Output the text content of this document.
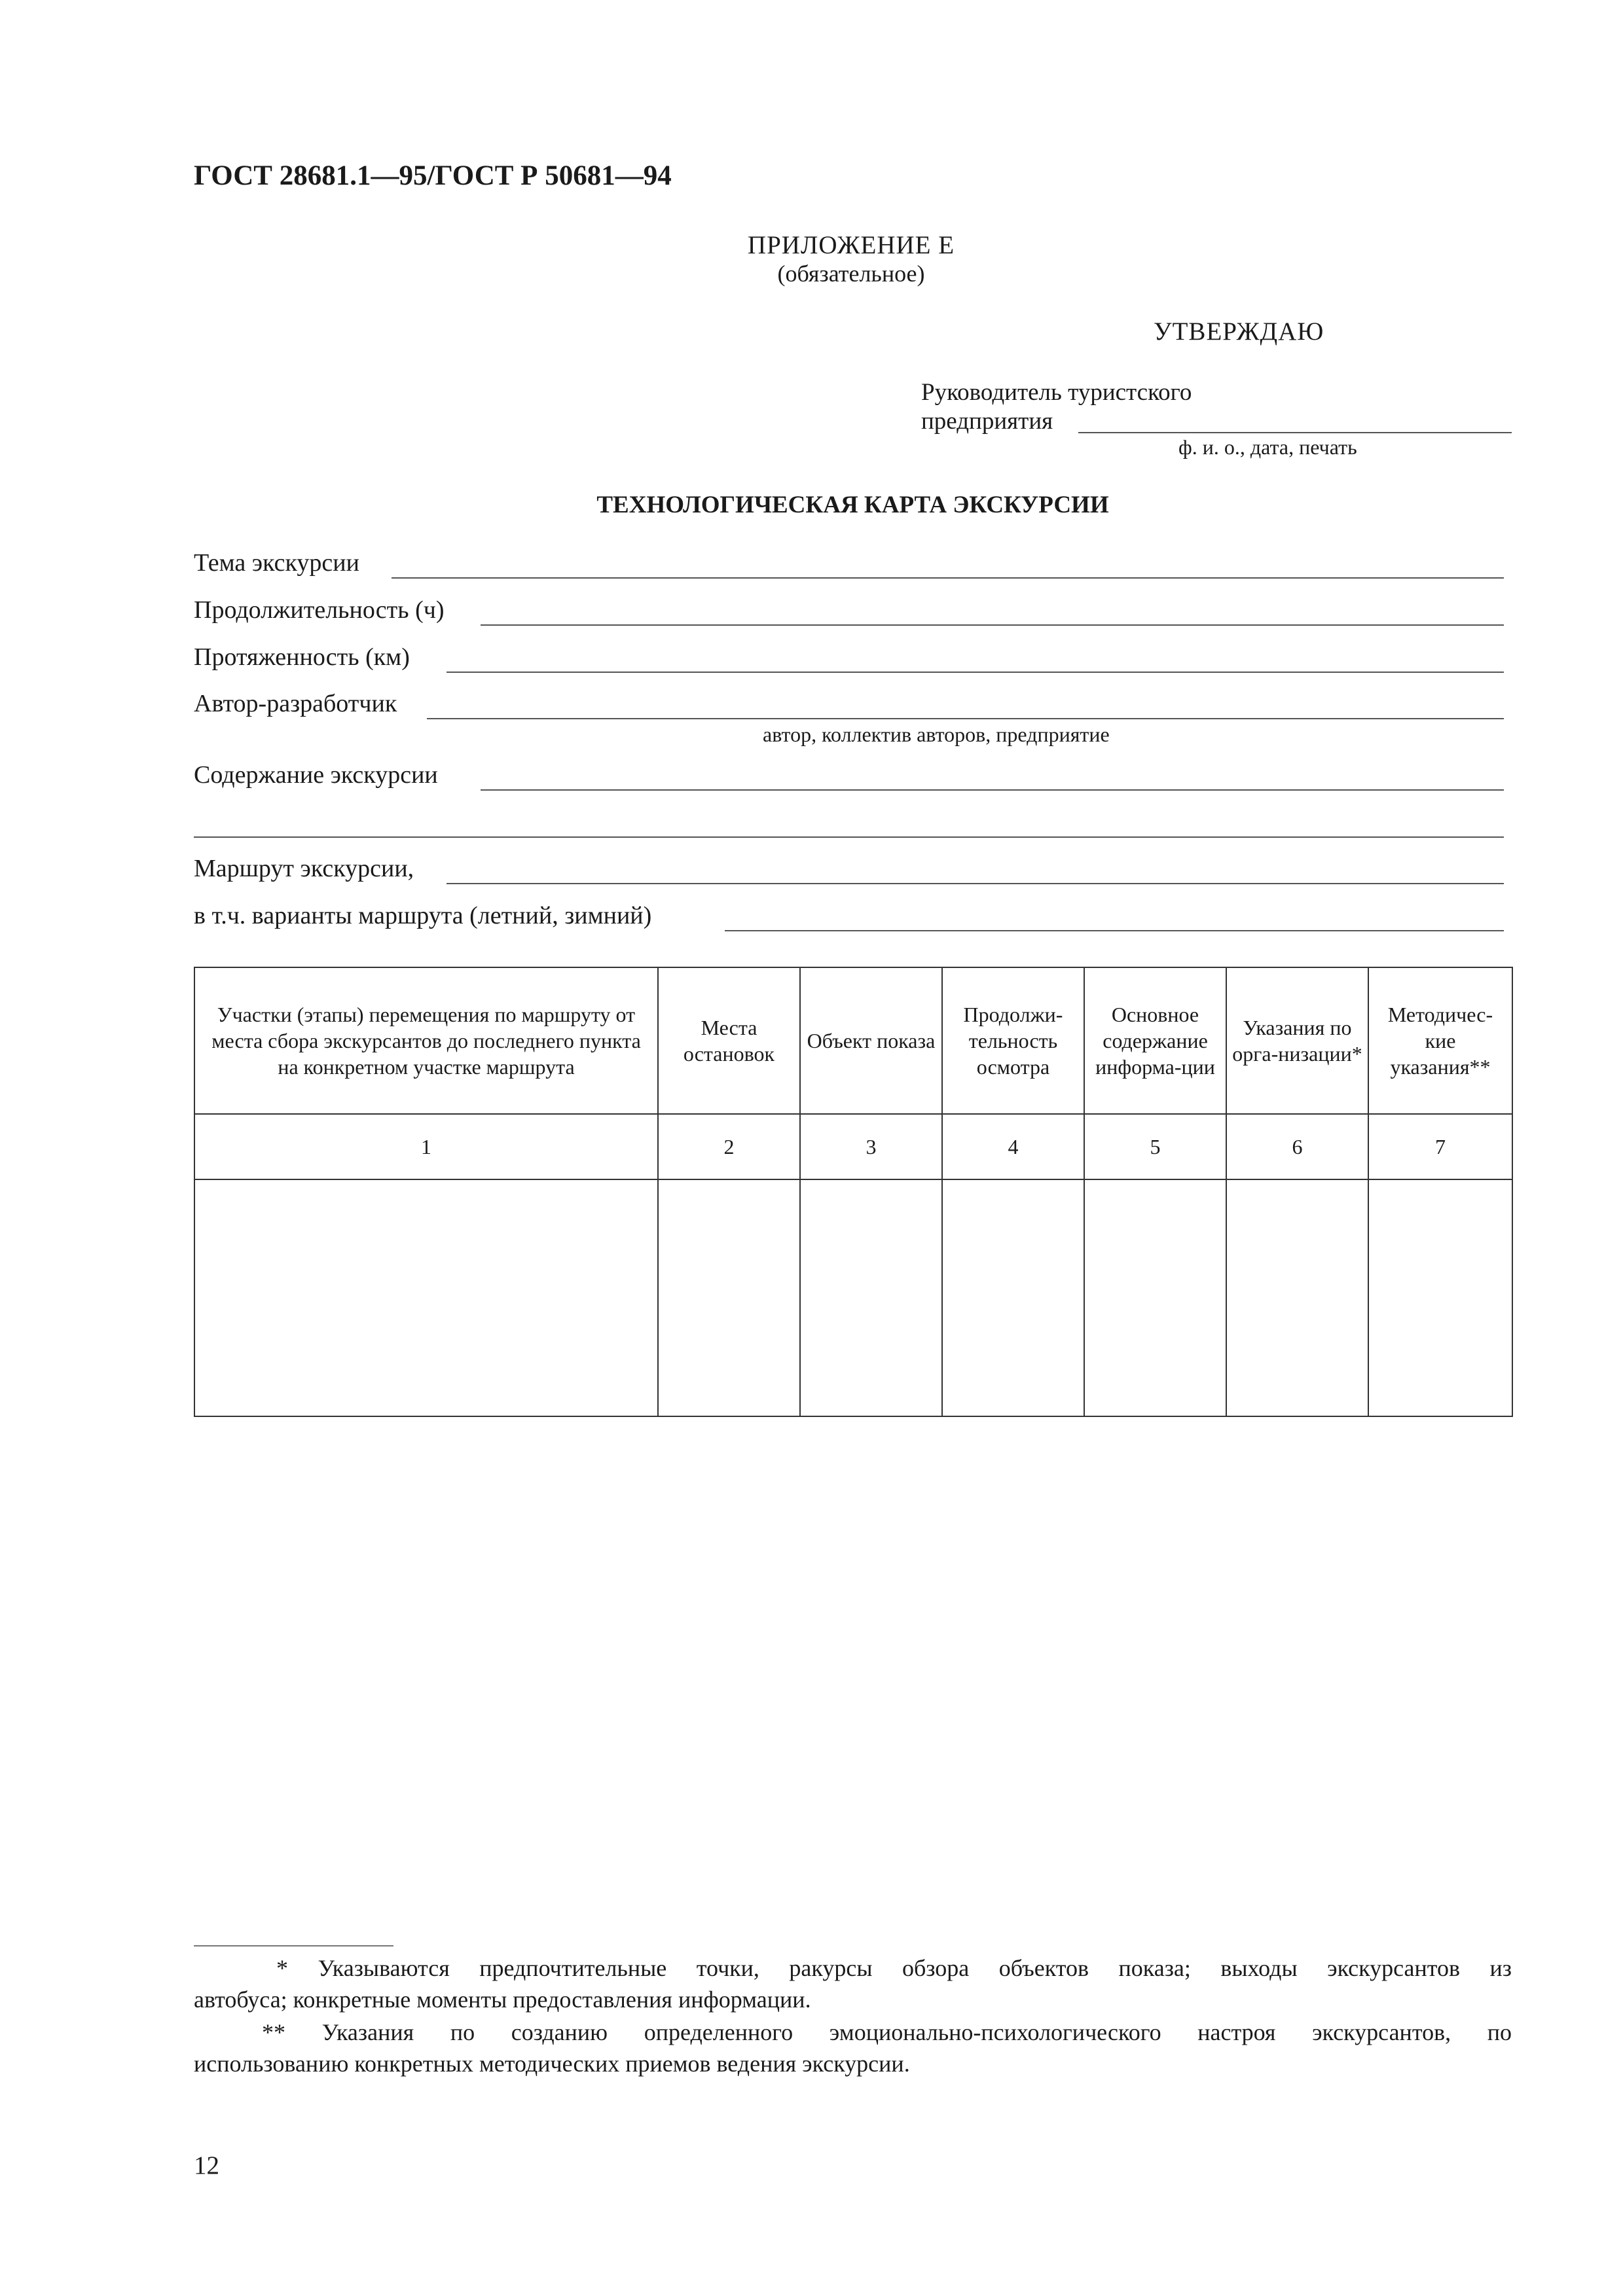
ГОСТ 28681.1—95/ГОСТ Р 50681—94
ПРИЛОЖЕНИЕ Е
(обязательное)
УТВЕРЖДАЮ
Руководитель туристского
предприятия
ф. и. о., дата, печать
ТЕХНОЛОГИЧЕСКАЯ КАРТА ЭКСКУРСИИ
Тема экскурсии
Продолжительность (ч)
Протяженность (км)
Автор-разработчик
автор, коллектив авторов, предприятие
Содержание экскурсии
Маршрут экскурсии,
в т.ч. варианты маршрута (летний, зимний)
Участки (этапы) перемещения по маршруту от места сбора экскурсантов до последнего пункта на конкретном участке маршрута	Места остановок	Объект показа	Продолжи-тельность осмотра	Основное содержание информа-ции	Указания по орга-низации*	Методичес-кие указания**
1	2	3	4	5	6	7

* Указываются предпочтительные точки, ракурсы обзора объектов показа; выходы экскурсантов из
автобуса; конкретные моменты предоставления информации.
** Указания по созданию определенного эмоционально-психологического настроя экскурсантов, по
использованию конкретных методических приемов ведения экскурсии.
12
